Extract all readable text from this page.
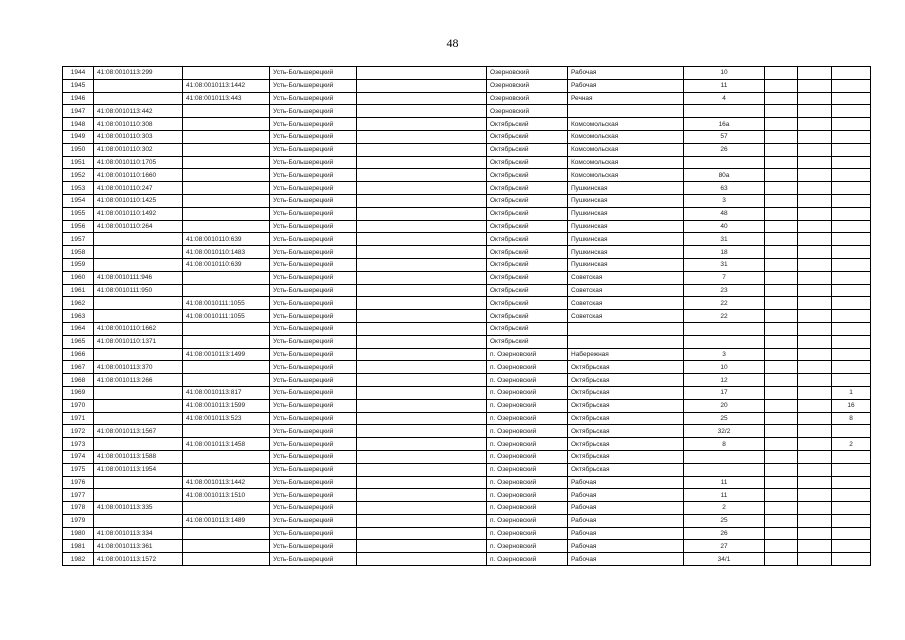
48
1944	41:08:0010113:299		Усть-Большерецкий		Озерновский	Рабочая	10			
1945		41:08:0010113:1442	Усть-Большерецкий		Озерновский	Рабочая	11			
1946		41:08:0010113:443	Усть-Большерецкий		Озерновский	Речная	4			
1947	41:08:0010113:442		Усть-Большерецкий		Озерновский					
1948	41:08:0010110:308		Усть-Большерецкий		Октябрьский	Комсомольская	16а			
1949	41:08:0010110:303		Усть-Большерецкий		Октябрьский	Комсомольская	57			
1950	41:08:0010110:302		Усть-Большерецкий		Октябрьский	Комсомольская	26			
1951	41:08:0010110:1705		Усть-Большерецкий		Октябрьский	Комсомольская				
1952	41:08:0010110:1660		Усть-Большерецкий		Октябрьский	Комсомольская	80а			
1953	41:08:0010110:247		Усть-Большерецкий		Октябрьский	Пушкинская	63			
1954	41:08:0010110:1425		Усть-Большерецкий		Октябрьский	Пушкинская	3			
1955	41:08:0010110:1492		Усть-Большерецкий		Октябрьский	Пушкинская	48			
1956	41:08:0010110:264		Усть-Большерецкий		Октябрьский	Пушкинская	40			
1957		41:08:0010110:639	Усть-Большерецкий		Октябрьский	Пушкинская	31			
1958		41:08:0010110:1483	Усть-Большерецкий		Октябрьский	Пушкинская	18			
1959		41:08:0010110:639	Усть-Большерецкий		Октябрьский	Пушкинская	31			
1960	41:08:0010111:946		Усть-Большерецкий		Октябрьский	Советская	7			
1961	41:08:0010111:950		Усть-Большерецкий		Октябрьский	Советская	23			
1962		41:08:0010111:1055	Усть-Большерецкий		Октябрьский	Советская	22			
1963		41:08:0010111:1055	Усть-Большерецкий		Октябрьский	Советская	22			
1964	41:08:0010110:1662		Усть-Большерецкий		Октябрьский					
1965	41:08:0010110:1371		Усть-Большерецкий		Октябрьский					
1966		41:08:0010113:1499	Усть-Большерецкий		п. Озерновский	Набережная	3			
1967	41:08:0010113:370		Усть-Большерецкий		п. Озерновский	Октябрьская	10			
1968	41:08:0010113:266		Усть-Большерецкий		п. Озерновский	Октябрьская	12			
1969		41:08:0010113:817	Усть-Большерецкий		п. Озерновский	Октябрьская	17			1
1970		41:08:0010113:1599	Усть-Большерецкий		п. Озерновский	Октябрьская	20			16
1971		41:08:0010113:523	Усть-Большерецкий		п. Озерновский	Октябрьская	25			8
1972	41:08:0010113:1567		Усть-Большерецкий		п. Озерновский	Октябрьская	32/2			
1973		41:08:0010113:1458	Усть-Большерецкий		п. Озерновский	Октябрьская	8			2
1974	41:08:0010113:1588		Усть-Большерецкий		п. Озерновский	Октябрьская				
1975	41:08:0010113:1954		Усть-Большерецкий		п. Озерновский	Октябрьская				
1976		41:08:0010113:1442	Усть-Большерецкий		п. Озерновский	Рабочая	11			
1977		41:08:0010113:1510	Усть-Большерецкий		п. Озерновский	Рабочая	11			
1978	41:08:0010113:335		Усть-Большерецкий		п. Озерновский	Рабочая	2			
1979		41:08:0010113:1489	Усть-Большерецкий		п. Озерновский	Рабочая	25			
1980	41:08:0010113:334		Усть-Большерецкий		п. Озерновский	Рабочая	26			
1981	41:08:0010113:361		Усть-Большерецкий		п. Озерновский	Рабочая	27			
1982	41:08:0010113:1572		Усть-Большерецкий		п. Озерновский	Рабочая	34/1			
